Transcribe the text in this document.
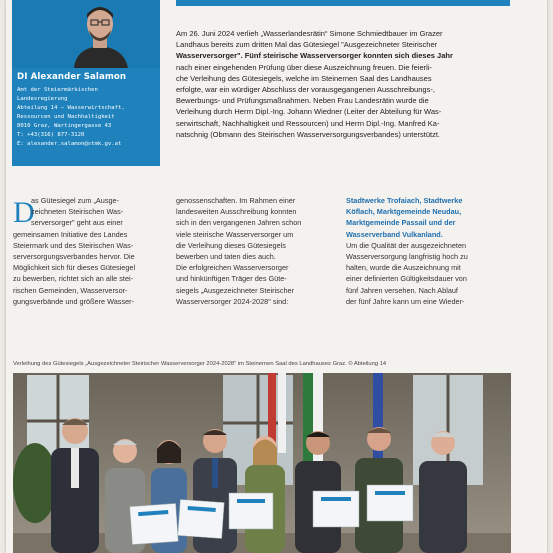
DI Alexander Salamon
Amt der Steiermärkischen
Landesregierung
Abteilung 14 – Wasserwirtschaft,
Ressourcen und Nachhaltigkeit
8010 Graz, Wartingergasse 43
T: +43(316) 877-3120
E: alexander.salamon@stmk.gv.at
Am 26. Juni 2024 verlieh „Wasserlandesrätin“ Simone Schmiedtbauer im Grazer
Landhaus bereits zum dritten Mal das Gütesiegel "Ausgezeichneter Steirischer
Wasserversorger". Fünf steirische Wasserversorger konnten sich dieses Jahr
nach einer eingehenden Prüfung über diese Auszeichnung freuen. Die feierli-
che Verleihung des Gütesiegels, welche im Steinernen Saal des Landhauses
erfolgte, war ein würdiger Abschluss der vorausgegangenen Ausschreibungs-,
Bewerbungs- und Prüfungsmaßnahmen. Neben Frau Landesrätin wurde die
Verleihung durch Herrn Dipl.-Ing. Johann Wiedner (Leiter der Abteilung für Was-
serwirtschaft, Nachhaltigkeit und Ressourcen) und Herrn Dipl.-Ing. Manfred Ka-
natschnig (Obmann des Steirischen Wasserversorgungsverbandes) unterstützt.
D
as Gütesiegel zum „Ausge-
zeichneten Steirischen Was-
serversorger" geht aus einer
gemeinsamen Initiative des Landes
Steiermark und des Steirischen Was-
serversorgungsverbandes hervor. Die
Möglichkeit sich für dieses Gütesiegel
zu bewerben, richtet sich an alle stei-
rischen Gemeinden, Wasserversor-
gungsverbände und größere Wasser-
genossenschaften. Im Rahmen einer
landesweiten Ausschreibung konnten
sich in den vergangenen Jahren schon
viele steirische Wasserversorger um
die Verleihung dieses Gütesiegels
bewerben und taten dies auch.
Die erfolgreichen Wasserversorger
und hinkünftigen Träger des Güte-
siegels „Ausgezeichneter Steirischer
Wasserversorger 2024-2028" sind:
Stadtwerke Trofaiach, Stadtwerke
Köflach, Marktgemeinde Neudau,
Marktgemeinde Passail und der
Wasserverband Vulkanland.
Um die Qualität der ausgezeichneten
Wasserversorgung langfristig hoch zu
halten, wurde die Auszeichnung mit
einer definierten Gültigkeitsdauer von
fünf Jahren versehen. Nach Ablauf
der fünf Jahre kann um eine Wieder-
Verleihung des Gütesiegels „Ausgezeichneter Steirischer Wasserversorger 2024-2028" im Steinernen Saal des Landhauses Graz. © Abteilung 14
